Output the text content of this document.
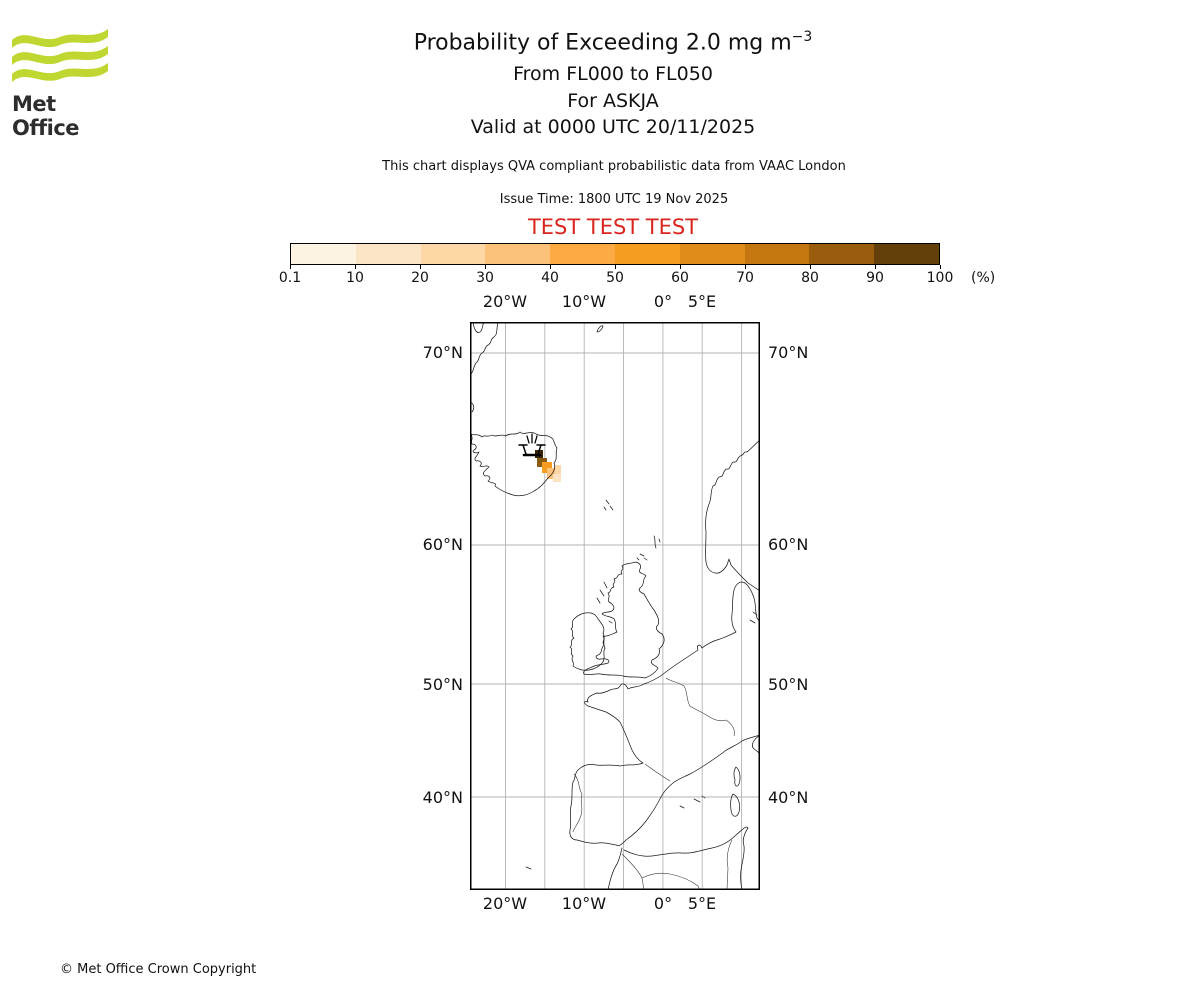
Met Office
Probability of Exceeding 2.0 mg $m^{-3}$
From FL000 to FL050
For ASKJA
Valid at 0000 UTC 20/11/2025
This chart displays QVA compliant probabilistic data from VAAC London
Issue Time: 1800 UTC 19 Nov 2025
TEST TEST TEST
0.1	10	20	30	40	50	60	70	80	90	100 (%)
20°W 10°W	0° 5°E
20°W 10°W	0° 5°E
70°N
60°N
50°N
40°N
70°N
60°N
50°N
40°N
© Met Office Crown Copyright
